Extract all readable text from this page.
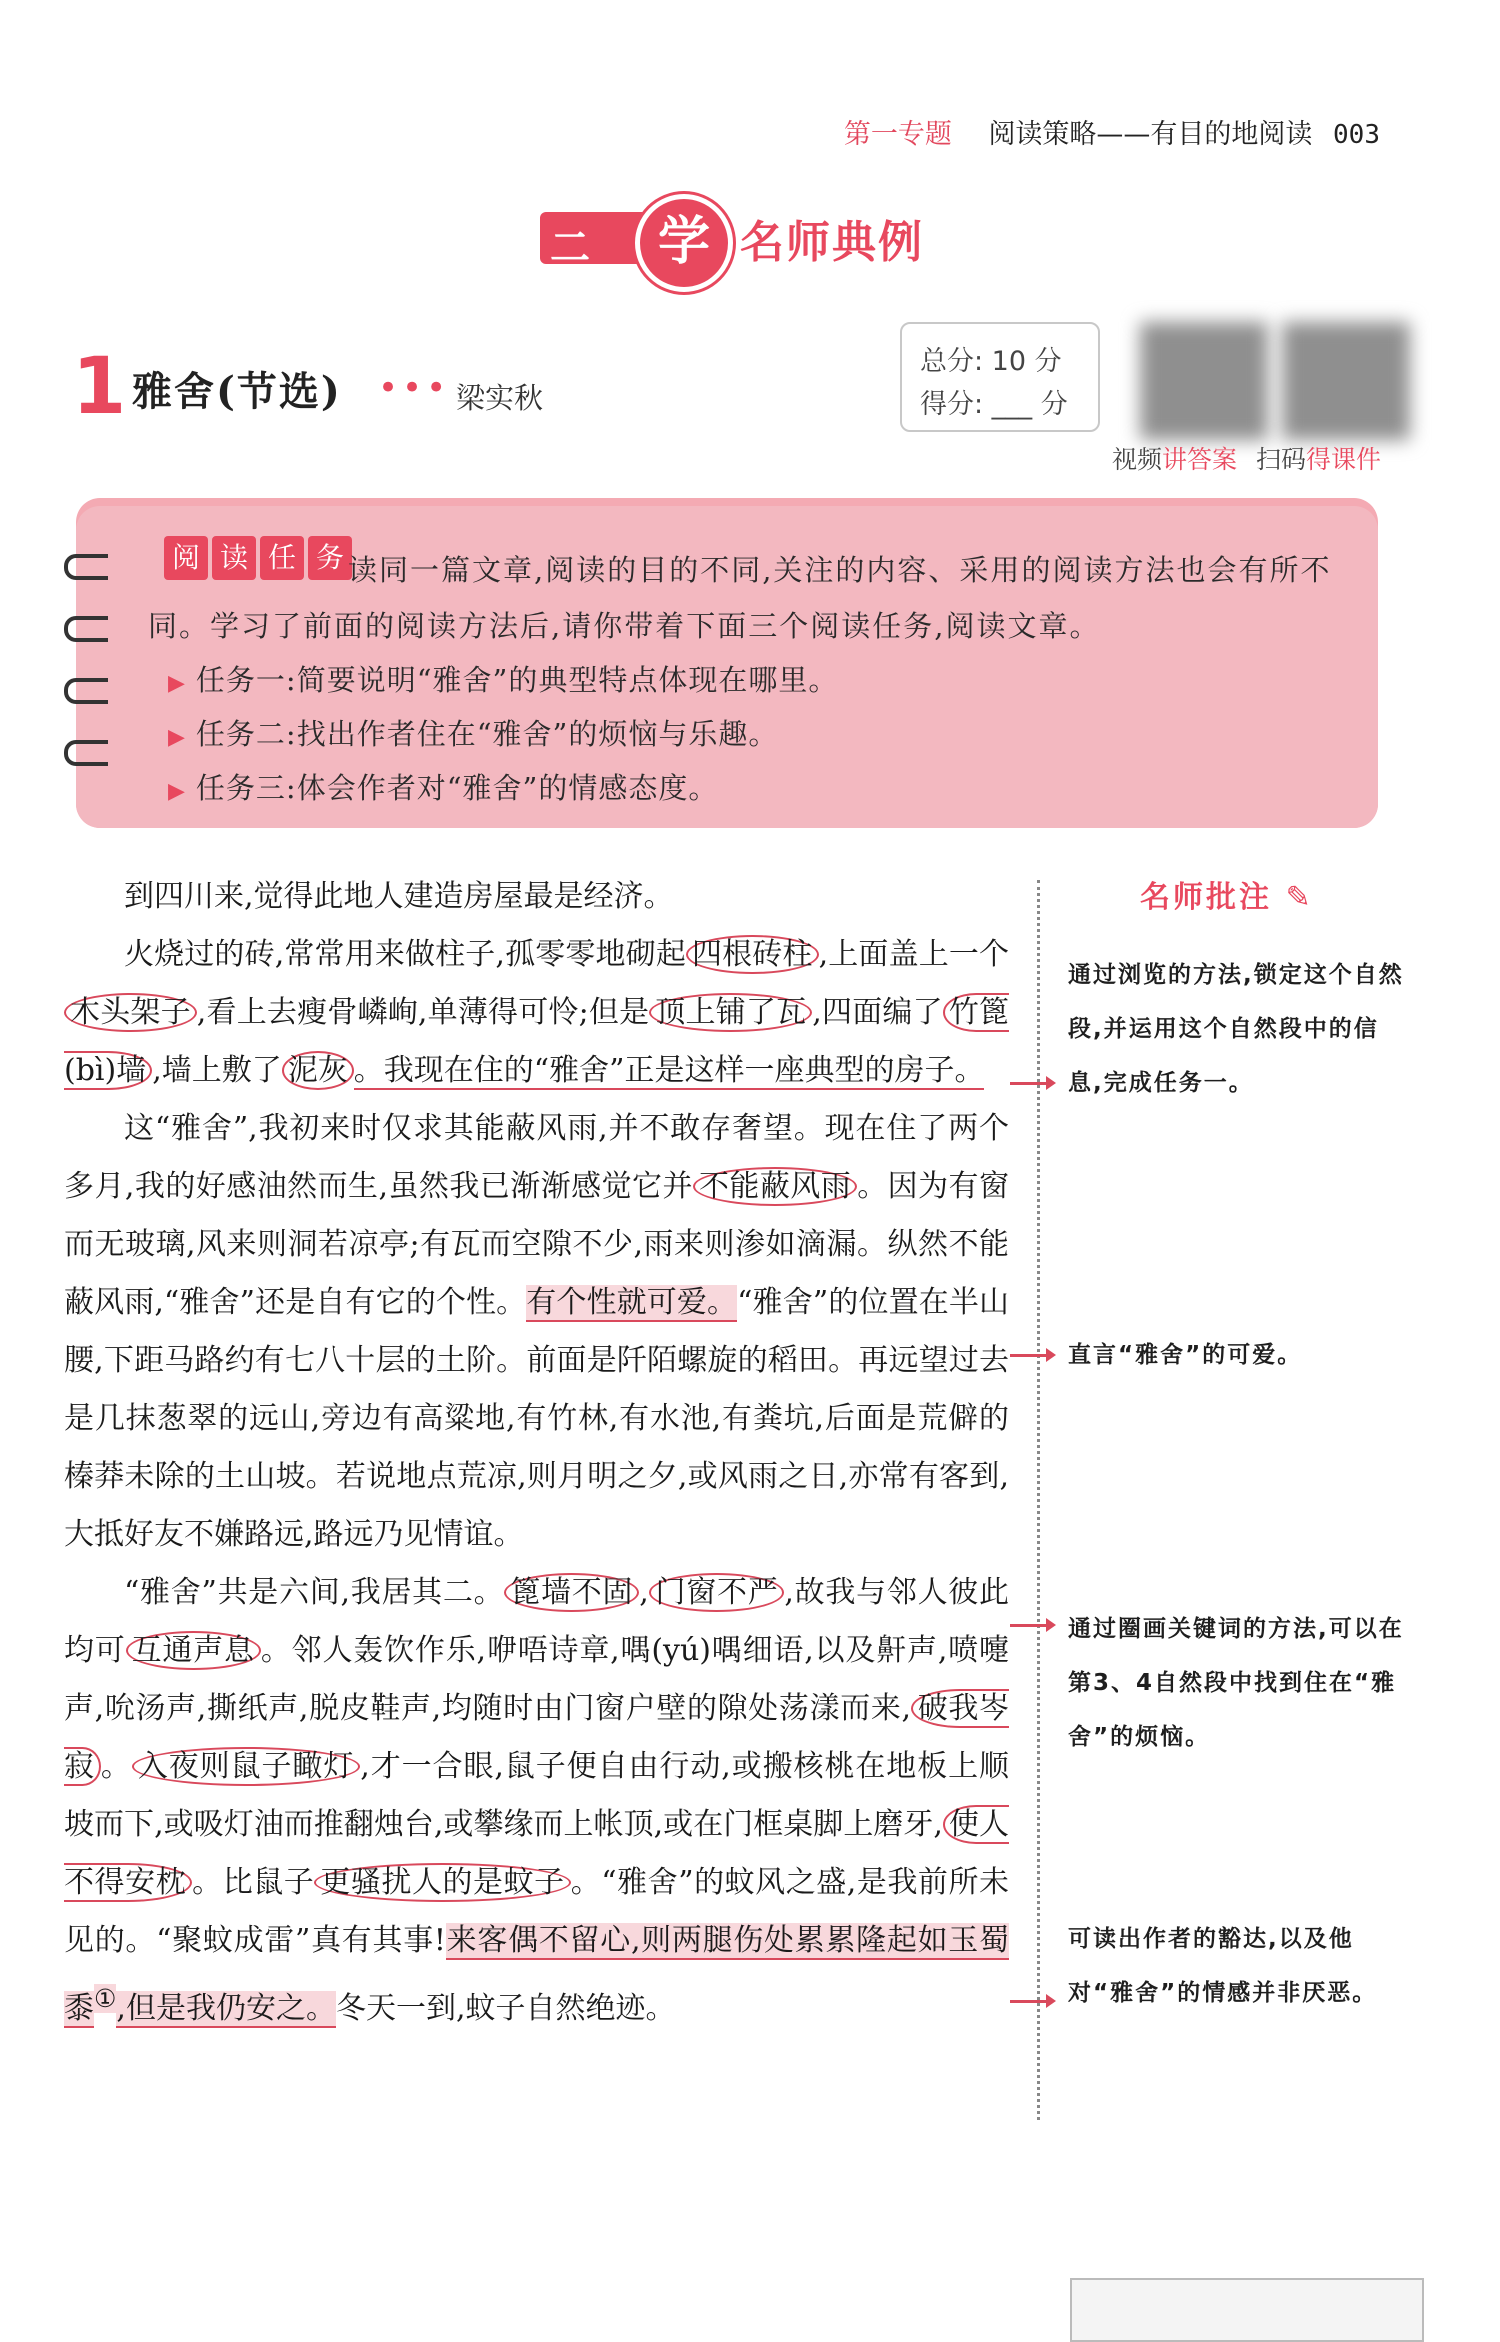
第一专题 阅读策略——有目的地阅读 003
二	学 名师典例
1 雅舍(节选) ••• 梁实秋
总分: 10 分
得分: ___ 分
视频讲答案 扫码得课件
阅 读 任 务 读同一篇文章,阅读的目的不同,关注的内容、采用的阅读方法也会有所不同。学习了前面的阅读方法后,请你带着下面三个阅读任务,阅读文章。
▶ 任务一:简要说明“雅舍”的典型特点体现在哪里。
▶ 任务二:找出作者住在“雅舍”的烦恼与乐趣。
▶ 任务三:体会作者对“雅舍”的情感态度。

到四川来,觉得此地人建造房屋最是经济。

火烧过的砖,常常用来做柱子,孤零零地砌起 四根砖柱 ,上面盖上一个木头架子 ,看上去瘦骨嶙峋,单薄得可怜;但是 顶上铺了瓦 ,四面编了 竹篦(bì)墙 ,墙上敷了 泥灰 。我现在住的“雅舍”正是这样一座典型的房子。

这“雅舍”,我初来时仅求其能蔽风雨,并不敢存奢望。现在住了两个多月,我的好感油然而生,虽然我已渐渐感觉它并 不能蔽风雨 。因为有窗而无玻璃,风来则洞若凉亭;有瓦而空隙不少,雨来则渗如滴漏。纵然不能蔽风雨,“雅舍”还是自有它的个性。有个性就可爱。“雅舍”的位置在半山腰,下距马路约有七八十层的土阶。前面是阡陌螺旋的稻田。再远望过去是几抹葱翠的远山,旁边有高粱地,有竹林,有水池,有粪坑,后面是荒僻的榛莽未除的土山坡。若说地点荒凉,则月明之夕,或风雨之日,亦常有客到,大抵好友不嫌路远,路远乃见情谊。

“雅舍”共是六间,我居其二。 篦墙不固 , 门窗不严 ,故我与邻人彼此均可 互通声息 。邻人轰饮作乐,咿唔诗章,喁(yú)喁细语,以及鼾声,喷嚏声,吮汤声,撕纸声,脱皮鞋声,均随时由门窗户壁的隙处荡漾而来, 破我岑寂 。 入夜则鼠子瞰灯 ,才一合眼,鼠子便自由行动,或搬核桃在地板上顺坡而下,或吸灯油而推翻烛台,或攀缘而上帐顶,或在门框桌脚上磨牙, 使人不得安枕 。比鼠子 更骚扰人的是蚊子 。“雅舍”的蚊风之盛,是我前所未见的。“聚蚊成雷”真有其事!来客偶不留心,则两腿伤处累累隆起如玉蜀黍①,但是我仍安之。冬天一到,蚊子自然绝迹。

名师批注 ✎
通过浏览的方法,锁定这个自然段,并运用这个自然段中的信息,完成任务一。
直言“雅舍”的可爱。
通过圈画关键词的方法,可以在第3、4自然段中找到住在“雅舍”的烦恼。
可读出作者的豁达,以及他对“雅舍”的情感并非厌恶。
